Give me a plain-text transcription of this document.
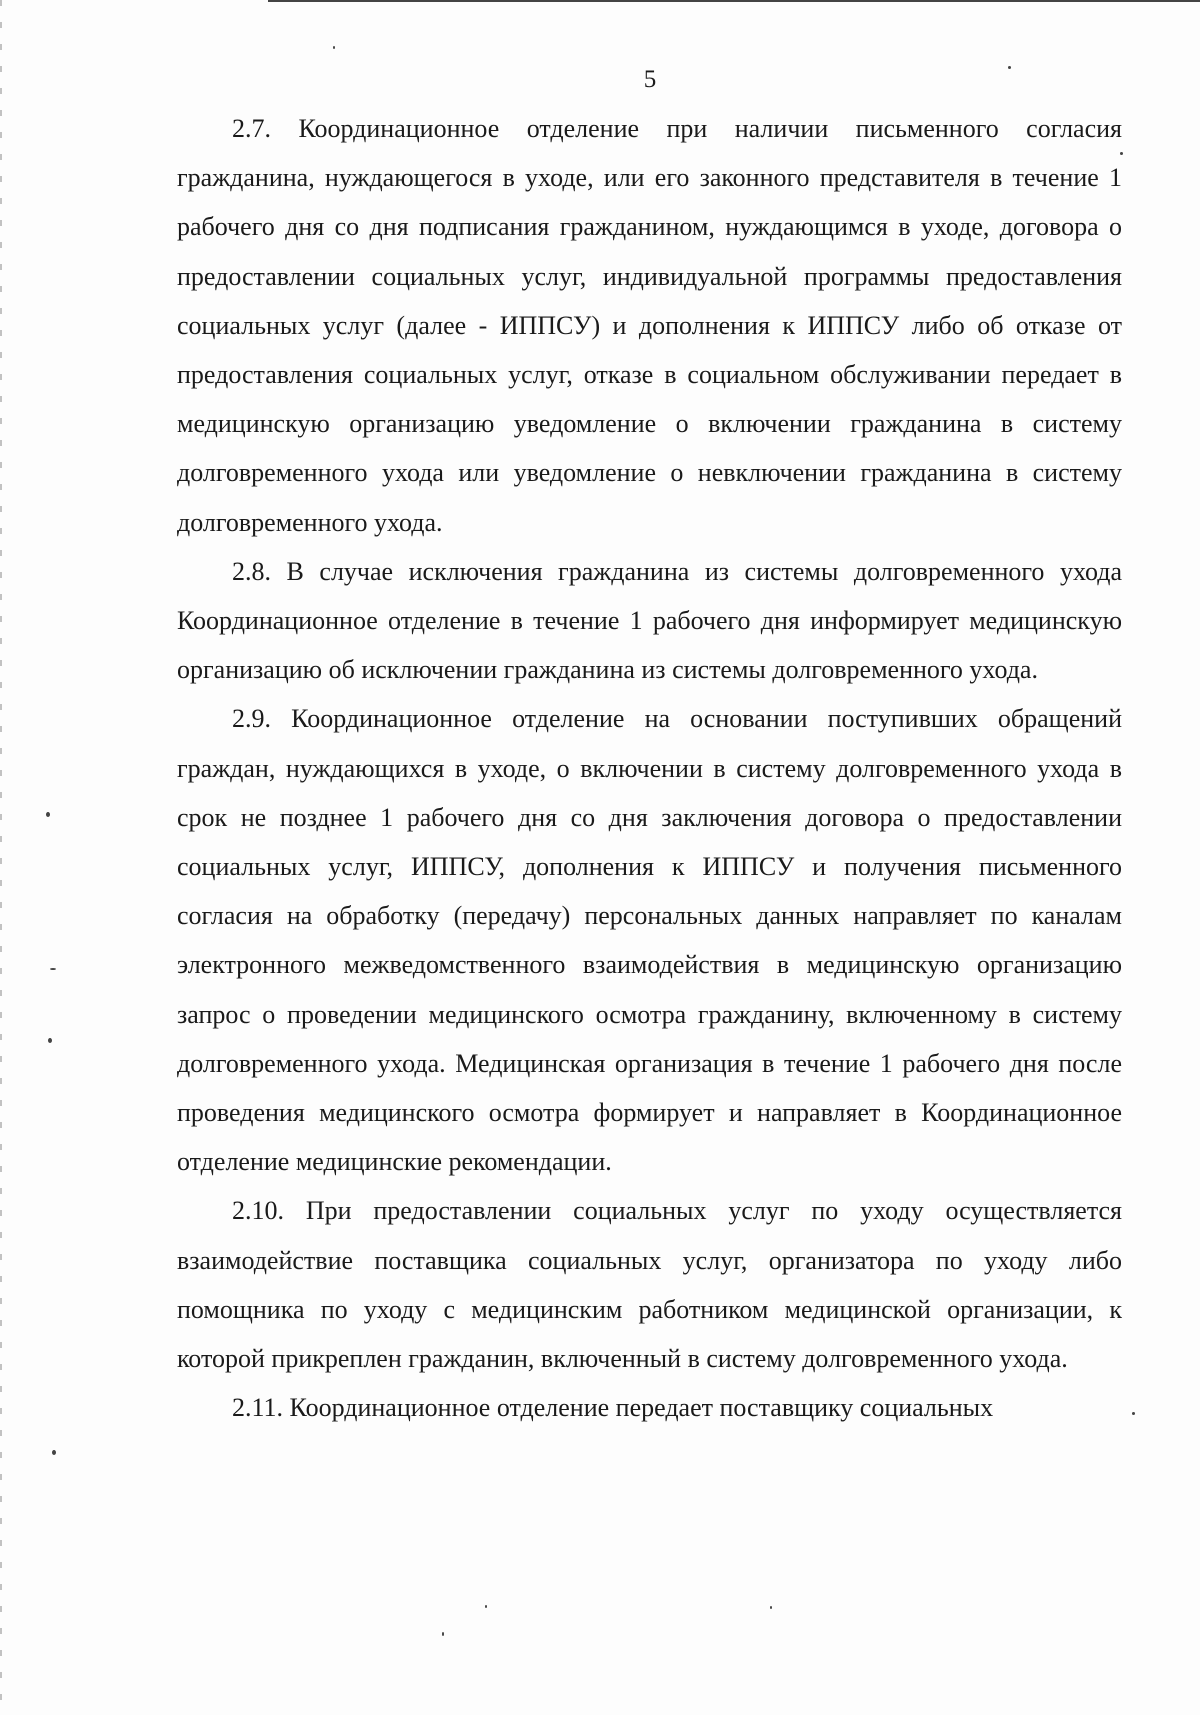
5

2.7. Координационное отделение при наличии письменного согласия гражданина, нуждающегося в уходе, или его законного представителя в течение 1 рабочего дня со дня подписания гражданином, нуждающимся в уходе, договора о предоставлении социальных услуг, индивидуальной программы предоставления социальных услуг (далее - ИППСУ) и дополнения к ИППСУ либо об отказе от предоставления социальных услуг, отказе в социальном обслуживании передает в медицинскую организацию уведомление о включении гражданина в систему долговременного ухода или уведомление о невключении гражданина в систему долговременного ухода.

2.8. В случае исключения гражданина из системы долговременного ухода Координационное отделение в течение 1 рабочего дня информирует медицинскую организацию об исключении гражданина из системы долговременного ухода.

2.9. Координационное отделение на основании поступивших обращений граждан, нуждающихся в уходе, о включении в систему долговременного ухода в срок не позднее 1 рабочего дня со дня заключения договора о предоставлении социальных услуг, ИППСУ, дополнения к ИППСУ и получения письменного согласия на обработку (передачу) персональных данных направляет по каналам электронного межведомственного взаимодействия в медицинскую организацию запрос о проведении медицинского осмотра гражданину, включенному в систему долговременного ухода. Медицинская организация в течение 1 рабочего дня после проведения медицинского осмотра формирует и направляет в Координационное отделение медицинские рекомендации.

2.10. При предоставлении социальных услуг по уходу осуществляется взаимодействие поставщика социальных услуг, организатора по уходу либо помощника по уходу с медицинским работником медицинской организации, к которой прикреплен гражданин, включенный в систему долговременного ухода.

2.11. Координационное отделение передает поставщику социальных
